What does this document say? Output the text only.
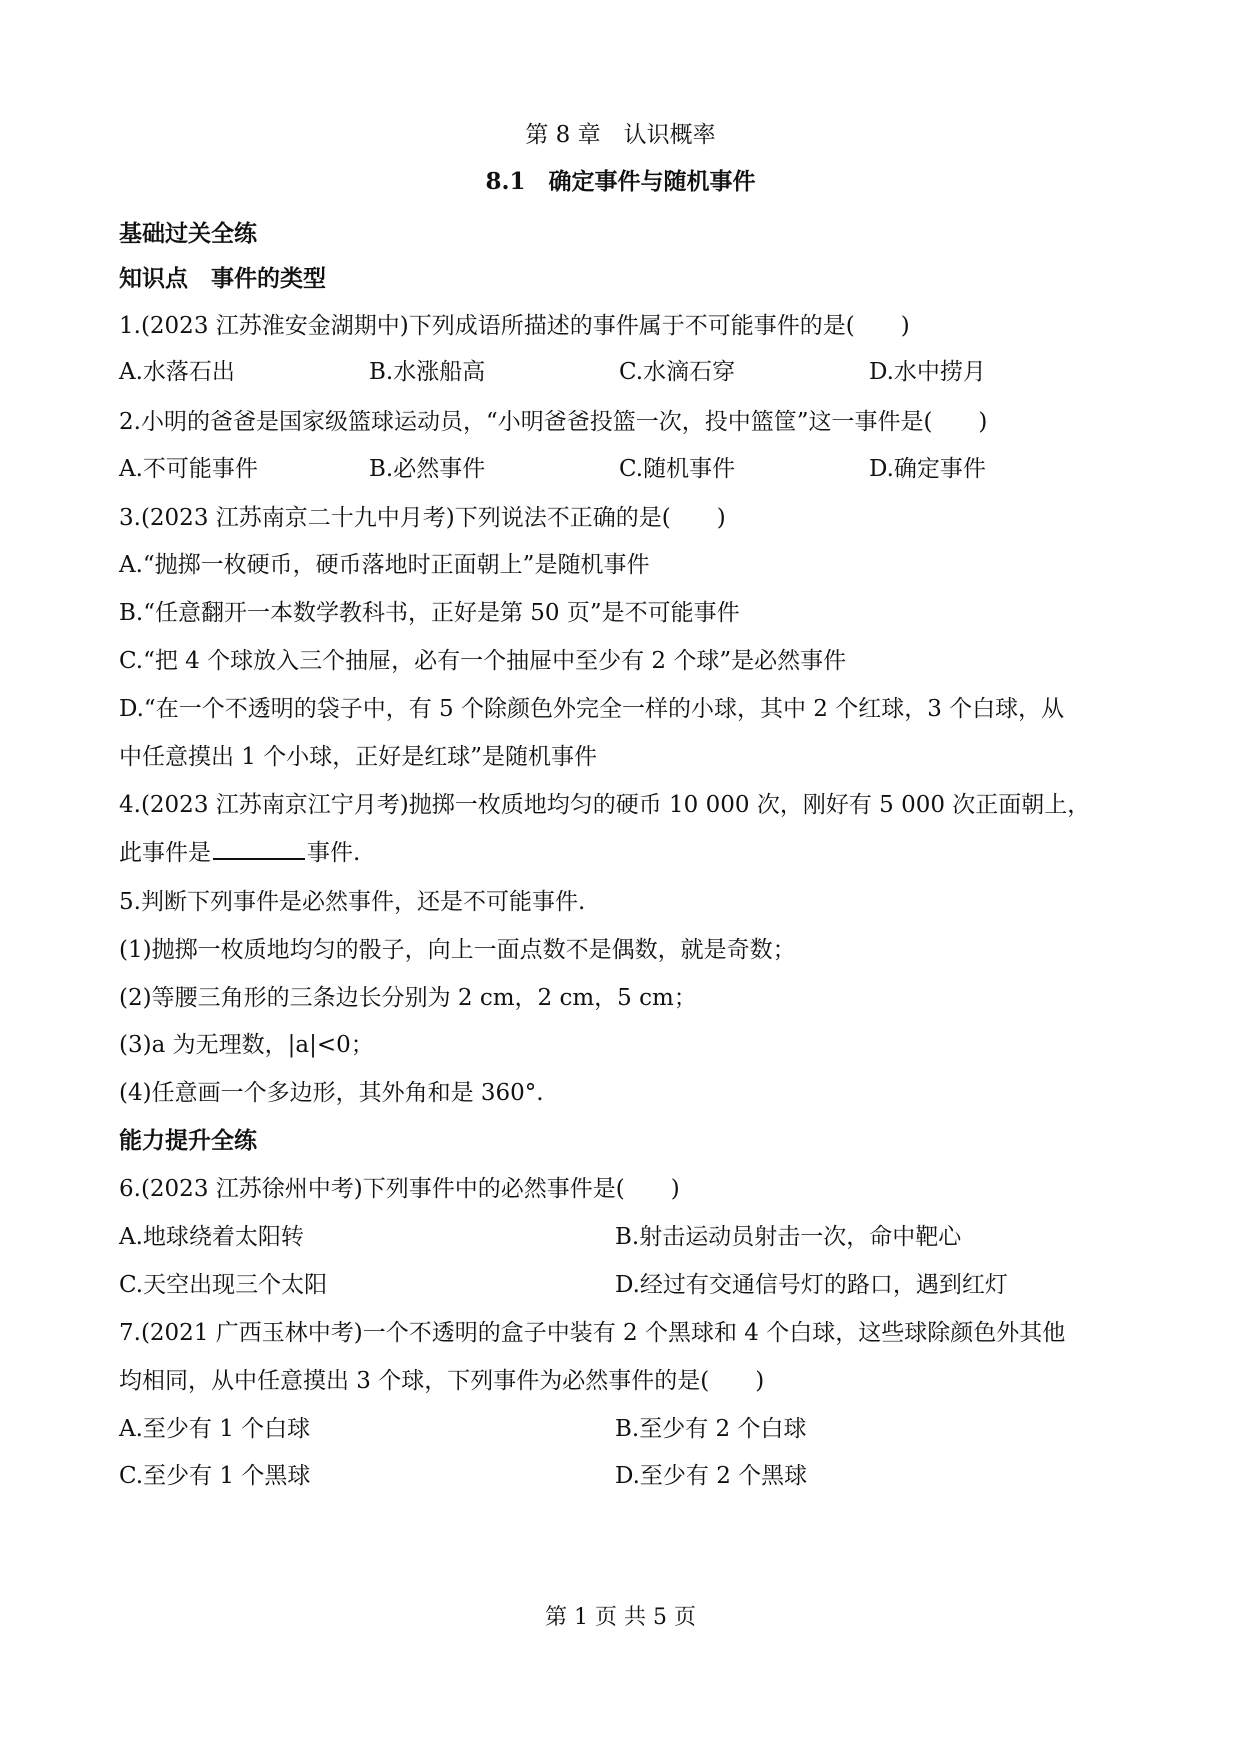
第 8 章　认识概率
8.1　确定事件与随机事件
基础过关全练
知识点　事件的类型
1.(2023 江苏淮安金湖期中)下列成语所描述的事件属于不可能事件的是(　　)
A.水落石出	B.水涨船高	C.水滴石穿	D.水中捞月
2.小明的爸爸是国家级篮球运动员，“小明爸爸投篮一次，投中篮筐”这一事件是(　　)
A.不可能事件	B.必然事件	C.随机事件	D.确定事件
3.(2023 江苏南京二十九中月考)下列说法不正确的是(　　)
A.“抛掷一枚硬币，硬币落地时正面朝上”是随机事件
B.“任意翻开一本数学教科书，正好是第 50 页”是不可能事件
C.“把 4 个球放入三个抽屉，必有一个抽屉中至少有 2 个球”是必然事件
D.“在一个不透明的袋子中，有 5 个除颜色外完全一样的小球，其中 2 个红球，3 个白球，从
中任意摸出 1 个小球，正好是红球”是随机事件
4.(2023 江苏南京江宁月考)抛掷一枚质地均匀的硬币 10 000 次，刚好有 5 000 次正面朝上，
此事件是	事件.
5.判断下列事件是必然事件，还是不可能事件.
(1)抛掷一枚质地均匀的骰子，向上一面点数不是偶数，就是奇数；
(2)等腰三角形的三条边长分别为 2 cm，2 cm，5 cm；
(3)a 为无理数，|a|<0；
(4)任意画一个多边形，其外角和是 360°.
能力提升全练
6.(2023 江苏徐州中考)下列事件中的必然事件是(　　)
A.地球绕着太阳转	B.射击运动员射击一次，命中靶心
C.天空出现三个太阳	D.经过有交通信号灯的路口，遇到红灯
7.(2021 广西玉林中考)一个不透明的盒子中装有 2 个黑球和 4 个白球，这些球除颜色外其他
均相同，从中任意摸出 3 个球，下列事件为必然事件的是(　　)
A.至少有 1 个白球	B.至少有 2 个白球
C.至少有 1 个黑球	D.至少有 2 个黑球
第 1 页 共 5 页
